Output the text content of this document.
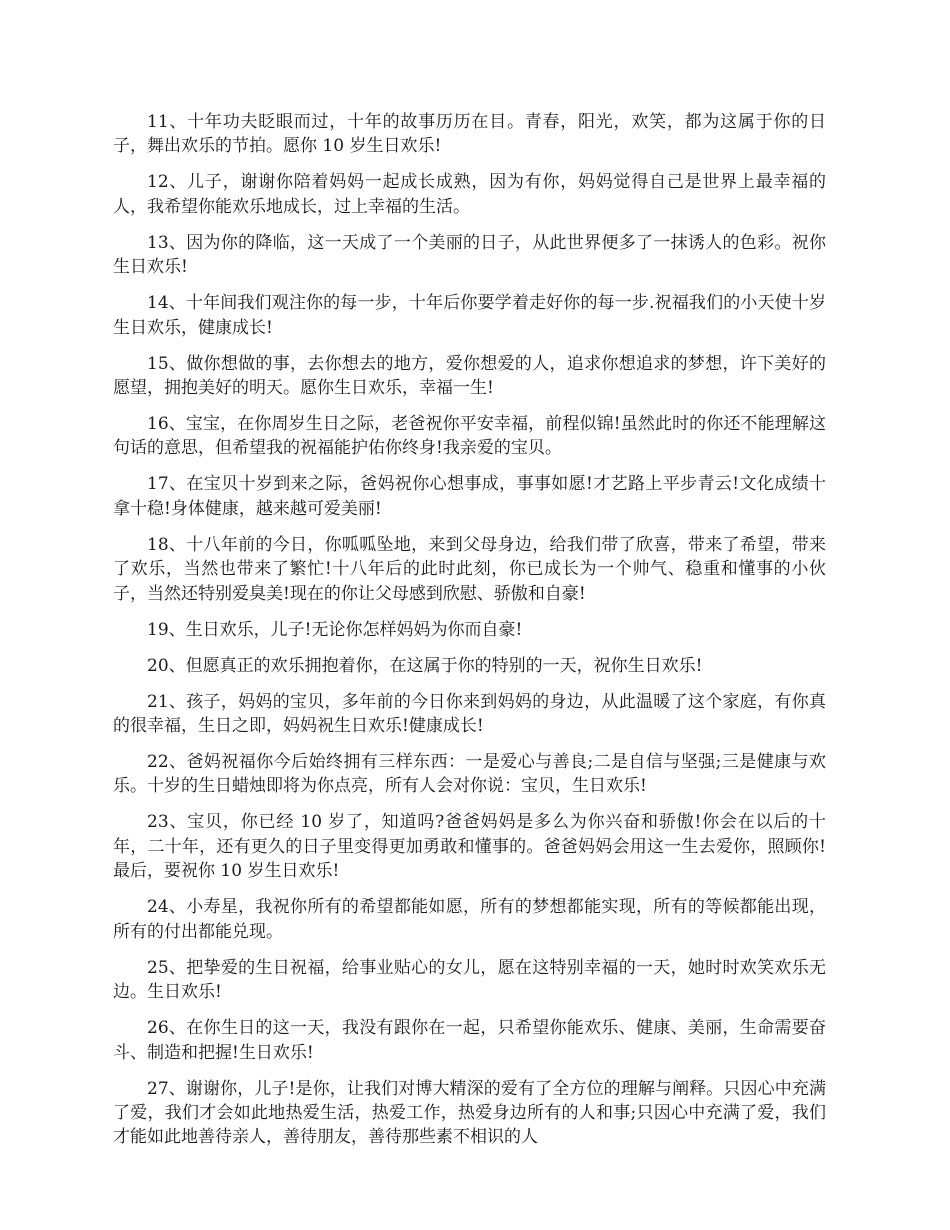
11、十年功夫眨眼而过，十年的故事历历在目。青春，阳光，欢笑，都为这属于你的日子，舞出欢乐的节拍。愿你 10 岁生日欢乐!

12、儿子，谢谢你陪着妈妈一起成长成熟，因为有你，妈妈觉得自己是世界上最幸福的人，我希望你能欢乐地成长，过上幸福的生活。

13、因为你的降临，这一天成了一个美丽的日子，从此世界便多了一抹诱人的色彩。祝你生日欢乐!

14、十年间我们观注你的每一步，十年后你要学着走好你的每一步.祝福我们的小天使十岁生日欢乐，健康成长!

15、做你想做的事，去你想去的地方，爱你想爱的人，追求你想追求的梦想，许下美好的愿望，拥抱美好的明天。愿你生日欢乐，幸福一生!

16、宝宝，在你周岁生日之际，老爸祝你平安幸福，前程似锦!虽然此时的你还不能理解这句话的意思，但希望我的祝福能护佑你终身!我亲爱的宝贝。

17、在宝贝十岁到来之际，爸妈祝你心想事成，事事如愿!才艺路上平步青云!文化成绩十拿十稳!身体健康，越来越可爱美丽!

18、十八年前的今日，你呱呱坠地，来到父母身边，给我们带了欣喜，带来了希望，带来了欢乐，当然也带来了繁忙!十八年后的此时此刻，你已成长为一个帅气、稳重和懂事的小伙子，当然还特别爱臭美!现在的你让父母感到欣慰、骄傲和自豪!

19、生日欢乐，儿子!无论你怎样妈妈为你而自豪!

20、但愿真正的欢乐拥抱着你，在这属于你的特别的一天，祝你生日欢乐!

21、孩子，妈妈的宝贝，多年前的今日你来到妈妈的身边，从此温暖了这个家庭，有你真的很幸福，生日之即，妈妈祝生日欢乐!健康成长!

22、爸妈祝福你今后始终拥有三样东西：一是爱心与善良;二是自信与坚强;三是健康与欢乐。十岁的生日蜡烛即将为你点亮，所有人会对你说：宝贝，生日欢乐!

23、宝贝，你已经 10 岁了，知道吗?爸爸妈妈是多么为你兴奋和骄傲!你会在以后的十年，二十年，还有更久的日子里变得更加勇敢和懂事的。爸爸妈妈会用这一生去爱你，照顾你!最后，要祝你 10 岁生日欢乐!

24、小寿星，我祝你所有的希望都能如愿，所有的梦想都能实现，所有的等候都能出现，所有的付出都能兑现。

25、把挚爱的生日祝福，给事业贴心的女儿，愿在这特别幸福的一天，她时时欢笑欢乐无边。生日欢乐!

26、在你生日的这一天，我没有跟你在一起，只希望你能欢乐、健康、美丽，生命需要奋斗、制造和把握!生日欢乐!

27、谢谢你，儿子!是你，让我们对博大精深的爱有了全方位的理解与阐释。只因心中充满了爱，我们才会如此地热爱生活，热爱工作，热爱身边所有的人和事;只因心中充满了爱，我们才能如此地善待亲人，善待朋友，善待那些素不相识的人
